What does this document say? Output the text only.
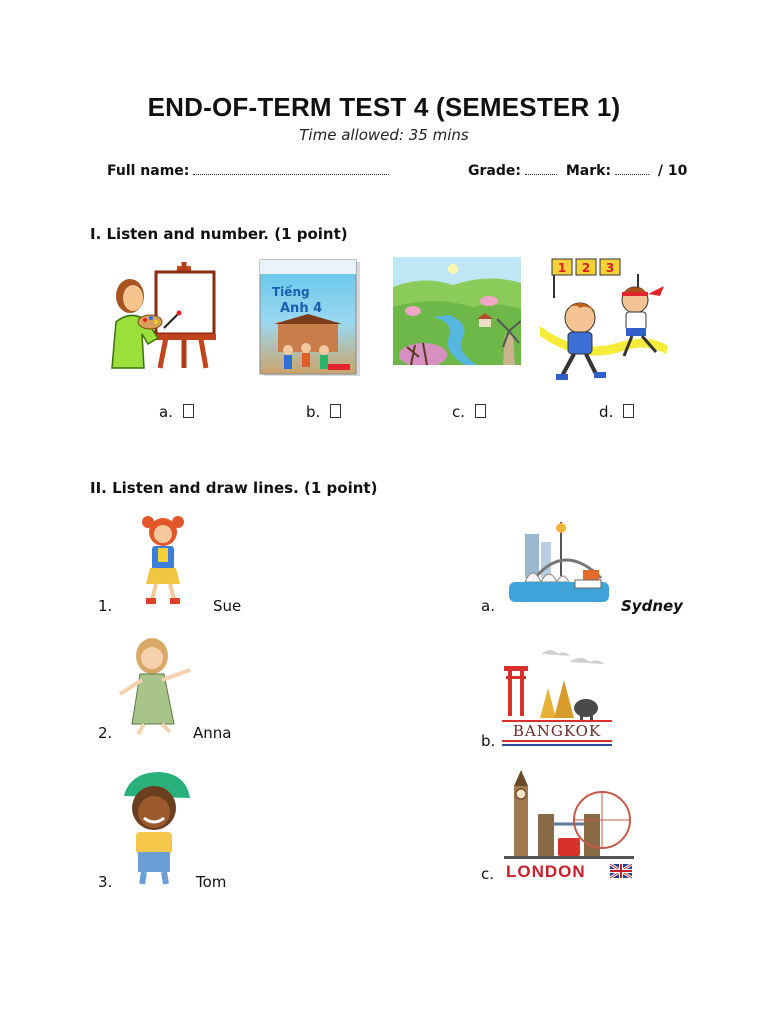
END-OF-TERM TEST 4 (SEMESTER 1)
Time allowed: 35 mins
Full name:	Grade:	Mark:	/ 10
I. Listen and number. (1 point)
Tiếng
Anh 4
1 2 3
a.	b.	c.	d.
II. Listen and draw lines. (1 point)
1.	Sue
2.	Anna
3.	Tom
BANGKOK
LONDON
a.	Sydney
b.
c.
